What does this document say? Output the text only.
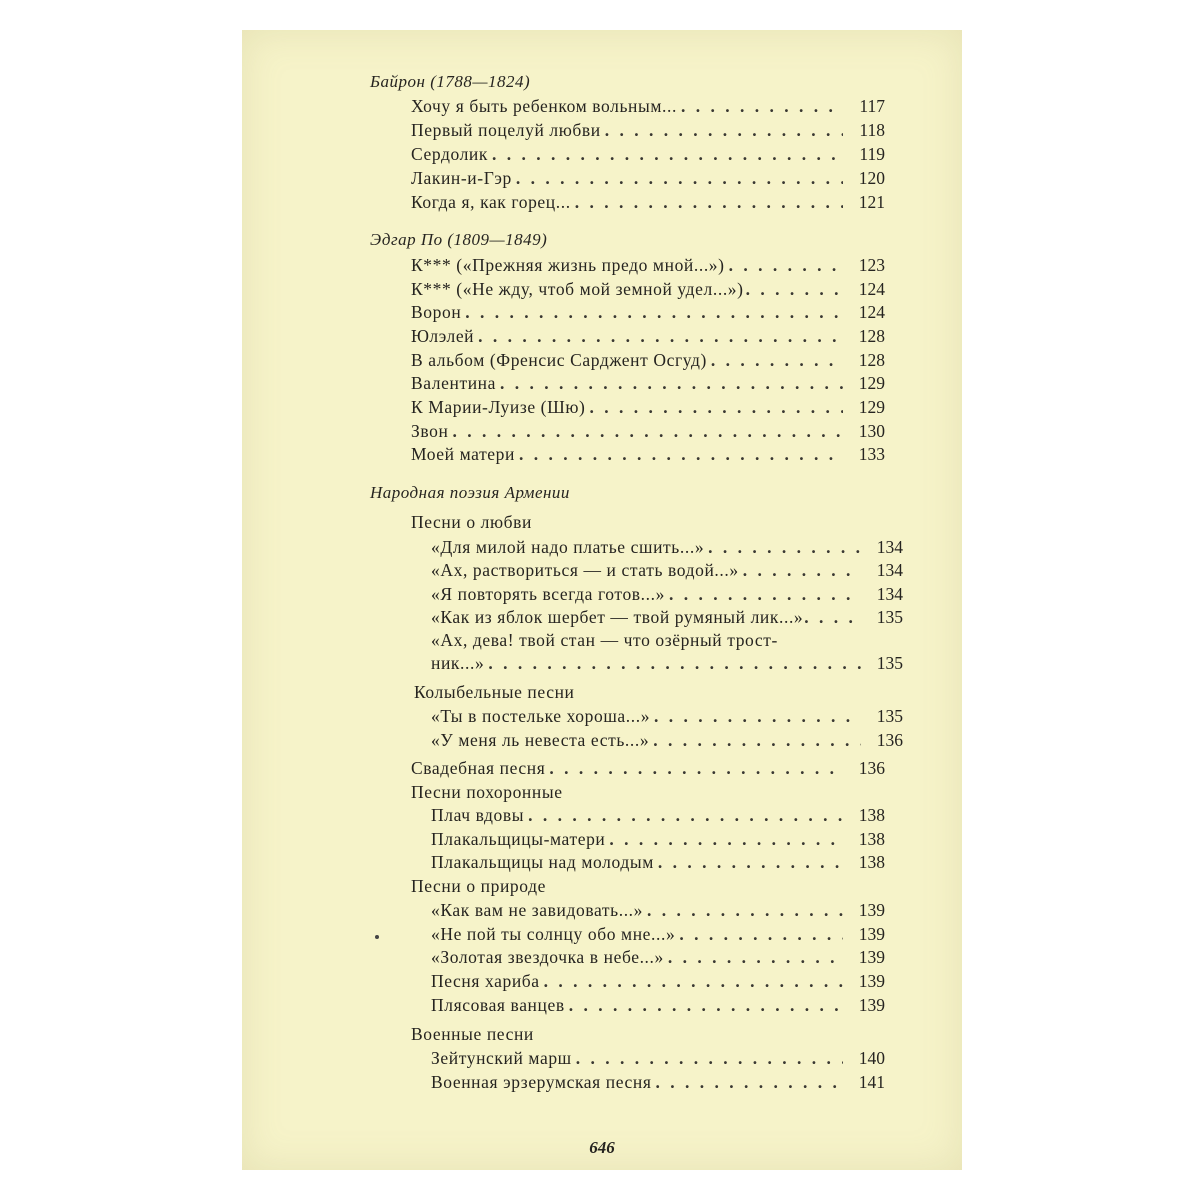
Байрон (1788—1824)
Хочу я быть ребенком вольным... . . .	117
Первый поцелуй любви . . .	118
Сердолик . . .	119
Лакин-и-Гэр . . .	120
Когда я, как горец... . . .	121
Эдгар По (1809—1849)
К*** («Прежняя жизнь предо мной...») . . .	123
К*** («Не жду, чтоб мой земной удел...») . . .	124
Ворон . . .	124
Юлэлей . . .	128
В альбом (Френсис Сарджент Осгуд) . . .	128
Валентина . . .	129
К Марии-Луизе (Шю) . . .	129
Звон . . .	130
Моей матери . . .	133
Народная поэзия Армении
Песни о любви
«Для милой надо платье сшить...» . . .	134
«Ах, раствориться — и стать водой...» . . .	134
«Я повторять всегда готов...» . . .	134
«Как из яблок шербет — твой румяный лик...» . . .	135
«Ах, дева! твой стан — что озёрный трост-
ник...» . . .	135
Колыбельные песни
«Ты в постельке хороша...» . . .	135
«У меня ль невеста есть...» . . .	136
Свадебная песня . . .	136
Песни похоронные
Плач вдовы . . .	138
Плакальщицы-матери . . .	138
Плакальщицы над молодым . . .	138
Песни о природе
«Как вам не завидовать...» . . .	139
«Не пой ты солнцу обо мне...» . . .	139
«Золотая звездочка в небе...» . . .	139
Песня хариба . . .	139
Плясовая ванцев . . .	139
Военные песни
Зейтунский марш . . .	140
Военная эрзерумская песня . . .	141
646
